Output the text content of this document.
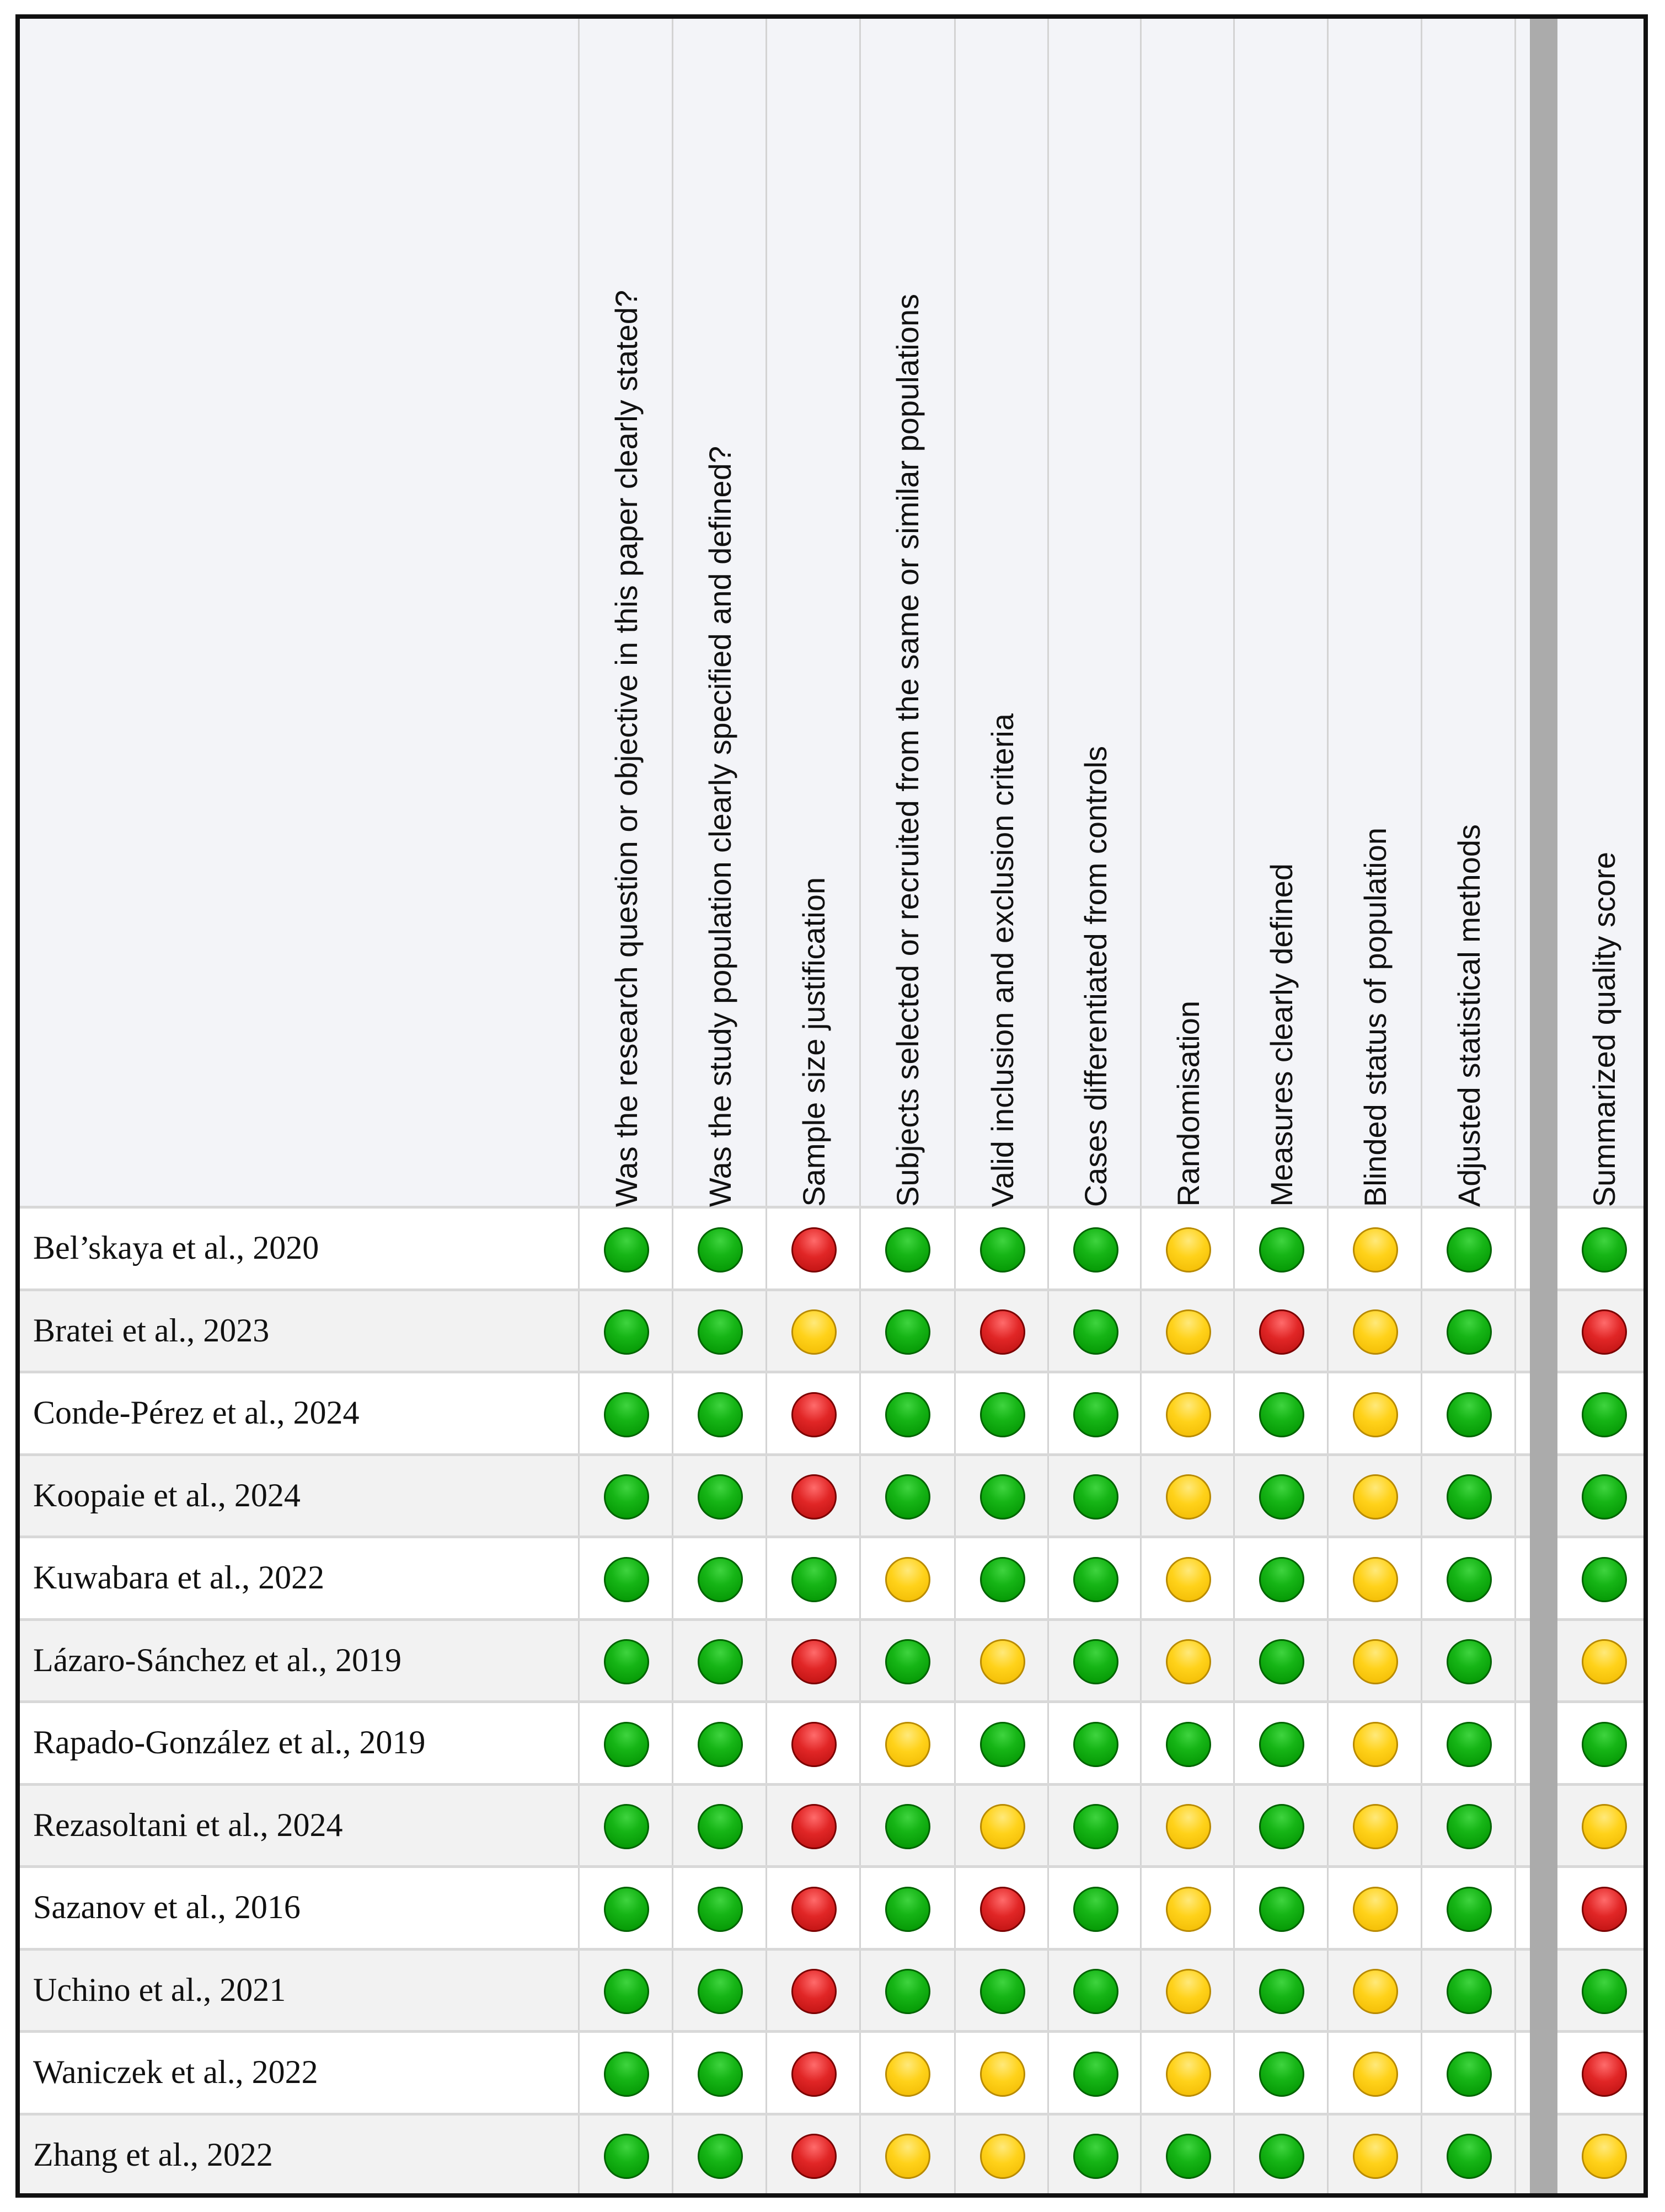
Was the research question or objective in this paper clearly stated? Was the study population clearly specified and defined? Sample size justification Subjects selected or recruited from the same or similar populations Valid inclusion and exclusion criteria Cases differentiated from controls Randomisation Measures clearly defined Blinded status of population Adjusted statistical methods	Summarized quality score
Bel’skaya et al., 2020
Bratei et al., 2023
Conde-Pérez et al., 2024
Koopaie et al., 2024
Kuwabara et al., 2022
Lázaro-Sánchez et al., 2019
Rapado-González et al., 2019
Rezasoltani et al., 2024
Sazanov et al., 2016
Uchino et al., 2021
Waniczek et al., 2022
Zhang et al., 2022
